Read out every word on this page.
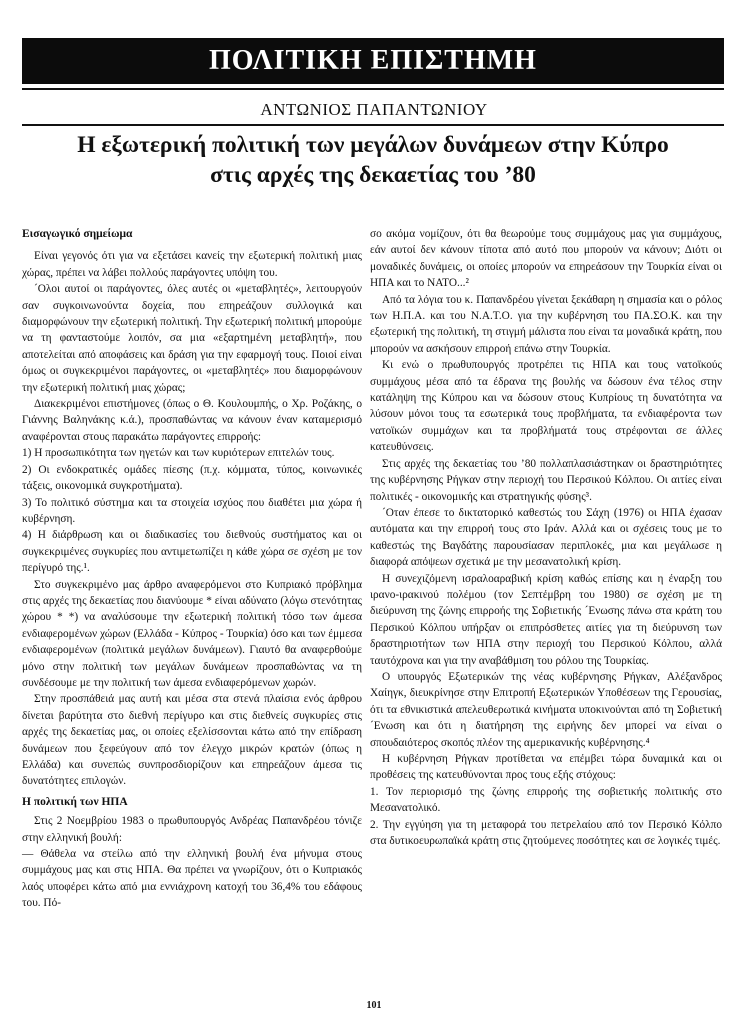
ΠΟΛΙΤΙΚΗ ΕΠΙΣΤΗΜΗ
ΑΝΤΩΝΙΟΣ ΠΑΠΑΝΤΩΝΙΟΥ
Η εξωτερική πολιτική των μεγάλων δυνάμεων στην Κύπρο
στις αρχές της δεκαετίας του ’80
Εισαγωγικό σημείωμα

Είναι γεγονός ότι για να εξετάσει κανείς την εξωτερική πολιτική μιας χώρας, πρέπει να λάβει πολλούς παράγοντες υπόψη του.

´Ολοι αυτοί οι παράγοντες, όλες αυτές οι «μεταβλητές», λειτουργούν σαν συγκοινωνούντα δοχεία, που επηρεάζουν συλλογικά και διαμορφώνουν την εξωτερική πολιτική. Την εξωτερική πολιτική μπορούμε να τη φανταστούμε λοιπόν, σα μια «εξαρτημένη μεταβλητή», που αποτελείται από αποφάσεις και δράση για την εφαρμογή τους. Ποιοί είναι όμως οι συγκεκριμένοι παράγοντες, οι «μεταβλητές» που διαμορφώνουν την εξωτερική πολιτική μιας χώρας;

Διακεκριμένοι επιστήμονες (όπως ο Θ. Κουλουμπής, ο Χρ. Ροζάκης, ο Γιάννης Βαληνάκης κ.ά.), προσπαθώντας να κάνουν έναν καταμερισμό αναφέρονται στους παρακάτω παράγοντες επιρροής:

1) Η προσωπικότητα των ηγετών και των κυριότερων επιτελών τους.

2) Οι ενδοκρατικές ομάδες πίεσης (π.χ. κόμματα, τύπος, κοινωνικές τάξεις, οικονομικά συγκροτήματα).

3) Το πολιτικό σύστημα και τα στοιχεία ισχύος που διαθέτει μια χώρα ή κυβέρνηση.

4) Η διάρθρωση και οι διαδικασίες του διεθνούς συστήματος και οι συγκεκριμένες συγκυρίες που αντιμετωπίζει η κάθε χώρα σε σχέση με τον περίγυρό της.¹.

Στο συγκεκριμένο μας άρθρο αναφερόμενοι στο Κυπριακό πρόβλημα στις αρχές της δεκαετίας που διανύουμε * είναι αδύνατο (λόγω στενότητας χώρου * *) να αναλύσουμε την εξωτερική πολιτική τόσο των άμεσα ενδιαφερομένων χώρων (Ελλάδα - Κύπρος - Τουρκία) όσο και των έμμεσα ενδιαφερομένων (πολιτικά μεγάλων δυνάμεων). Γιαυτό θα αναφερθούμε μόνο στην πολιτική των μεγάλων δυνάμεων προσπαθώντας να τη συνδέσουμε με την πολιτική των άμεσα ενδιαφερόμενων χωρών.

Στην προσπάθειά μας αυτή και μέσα στα στενά πλαίσια ενός άρθρου δίνεται βαρύτητα στο διεθνή περίγυρο και στις διεθνείς συγκυρίες στις αρχές της δεκαετίας μας, οι οποίες εξελίσσονται κάτω από την επίδραση δυνάμεων που ξεφεύγουν από τον έλεγχο μικρών κρατών (όπως η Ελλάδα) και συνεπώς συνπροσδιορίζουν και επηρεάζουν άμεσα τις δυνατότητες επιλογών.

Η πολιτική των ΗΠΑ

Στις 2 Νοεμβρίου 1983 ο πρωθυπουργός Ανδρέας Παπανδρέου τόνιζε στην ελληνική βουλή:

— Θάθελα να στείλω από την ελληνική βουλή ένα μήνυμα στους συμμάχους μας και στις ΗΠΑ. Θα πρέπει να γνωρίζουν, ότι ο Κυπριακός λαός υποφέρει κάτω από μια εννιάχρονη κατοχή του 36,4% του εδάφους του. Πό-

σο ακόμα νομίζουν, ότι θα θεωρούμε τους συμμάχους μας για συμμάχους, εάν αυτοί δεν κάνουν τίποτα από αυτό που μπορούν να κάνουν; Διότι οι μοναδικές δυνάμεις, οι οποίες μπορούν να επηρεάσουν την Τουρκία είναι οι ΗΠΑ και το ΝΑΤΟ...²

Από τα λόγια του κ. Παπανδρέου γίνεται ξεκάθαρη η σημασία και ο ρόλος των Η.Π.Α. και του Ν.Α.Τ.Ο. για την κυβέρνηση του ΠΑ.ΣΟ.Κ. και την εξωτερική της πολιτική, τη στιγμή μάλιστα που είναι τα μοναδικά κράτη, που μπορούν να ασκήσουν επιρροή επάνω στην Τουρκία.

Κι ενώ ο πρωθυπουργός προτρέπει τις ΗΠΑ και τους νατοϊκούς συμμάχους μέσα από τα έδρανα της βουλής να δώσουν ένα τέλος στην κατάληψη της Κύπρου και να δώσουν στους Κυπρίους τη δυνατότητα να λύσουν μόνοι τους τα εσωτερικά τους προβλήματα, τα ενδιαφέροντα των νατοϊκών συμμάχων και τα προβλήματά τους στρέφονται σε άλλες κατευθύνσεις.

Στις αρχές της δεκαετίας του ’80 πολλαπλασιάστηκαν οι δραστηριότητες της κυβέρνησης Ρήγκαν στην περιοχή του Περσικού Κόλπου. Οι αιτίες είναι πολιτικές - οικονομικής και στρατηγικής φύσης³.

´Οταν έπεσε το δικτατορικό καθεστώς του Σάχη (1976) οι ΗΠΑ έχασαν αυτόματα και την επιρροή τους στο Ιράν. Αλλά και οι σχέσεις τους με το καθεστώς της Βαγδάτης παρουσίασαν περιπλοκές, μια και μεγάλωσε η διαφορά απόψεων σχετικά με την μεσανατολική κρίση.

Η συνεχιζόμενη ισραλοαραβική κρίση καθώς επίσης και η έναρξη του ιρανο-ιρακινού πολέμου (τον Σεπτέμβρη του 1980) σε σχέση με τη διεύρυνση της ζώνης επιρροής της Σοβιετικής ´Ενωσης πάνω στα κράτη του Περσικού Κόλπου υπήρξαν οι επιπρόσθετες αιτίες για τη διεύρυνση των δραστηριοτήτων των ΗΠΑ στην περιοχή του Περσικού Κόλπου, αλλά ταυτόχρονα και για την αναβάθμιση του ρόλου της Τουρκίας.

Ο υπουργός Εξωτερικών της νέας κυβέρνησης Ρήγκαν, Αλέξανδρος Χαίηγκ, διευκρίνησε στην Επιτροπή Εξωτερικών Υποθέσεων της Γερουσίας, ότι τα εθνικιστικά απελευθερωτικά κινήματα υποκινούνται από τη Σοβιετική ´Ενωση και ότι η διατήρηση της ειρήνης δεν μπορεί να είναι ο σπουδαιότερος σκοπός πλέον της αμερικανικής κυβέρνησης.⁴

Η κυβέρνηση Ρήγκαν προτίθεται να επέμβει τώρα δυναμικά και οι προθέσεις της κατευθύνονται προς τους εξής στόχους:

1. Τον περιορισμό της ζώνης επιρροής της σοβιετικής πολιτικής στο Μεσανατολικό.

2. Την εγγύηση για τη μεταφορά του πετρελαίου από τον Περσικό Κόλπο στα δυτικοευρωπαϊκά κράτη στις ζητούμενες ποσότητες και σε λογικές τιμές.

101
